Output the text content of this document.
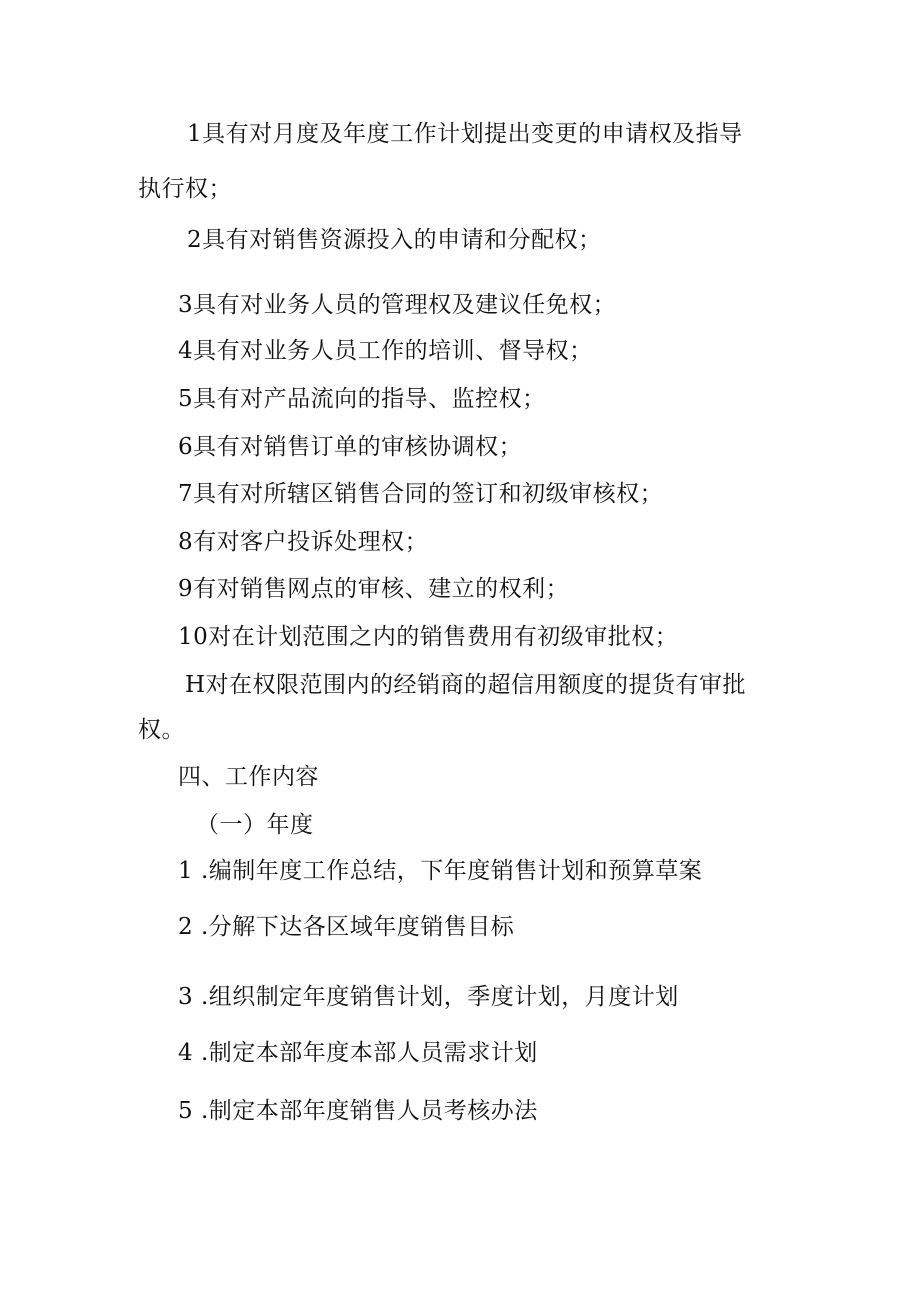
1具有对月度及年度工作计划提出变更的申请权及指导
执行权；
2具有对销售资源投入的申请和分配权；
3具有对业务人员的管理权及建议任免权；
4具有对业务人员工作的培训、督导权；
5具有对产品流向的指导、监控权；
6具有对销售订单的审核协调权；
7具有对所辖区销售合同的签订和初级审核权；
8有对客户投诉处理权；
9有对销售网点的审核、建立的权利；
10对在计划范围之内的销售费用有初级审批权；
H对在权限范围内的经销商的超信用额度的提货有审批
权。
四、工作内容
（一）年度
1 .编制年度工作总结，下年度销售计划和预算草案
2 .分解下达各区域年度销售目标
3 .组织制定年度销售计划，季度计划，月度计划
4 .制定本部年度本部人员需求计划
5 .制定本部年度销售人员考核办法
